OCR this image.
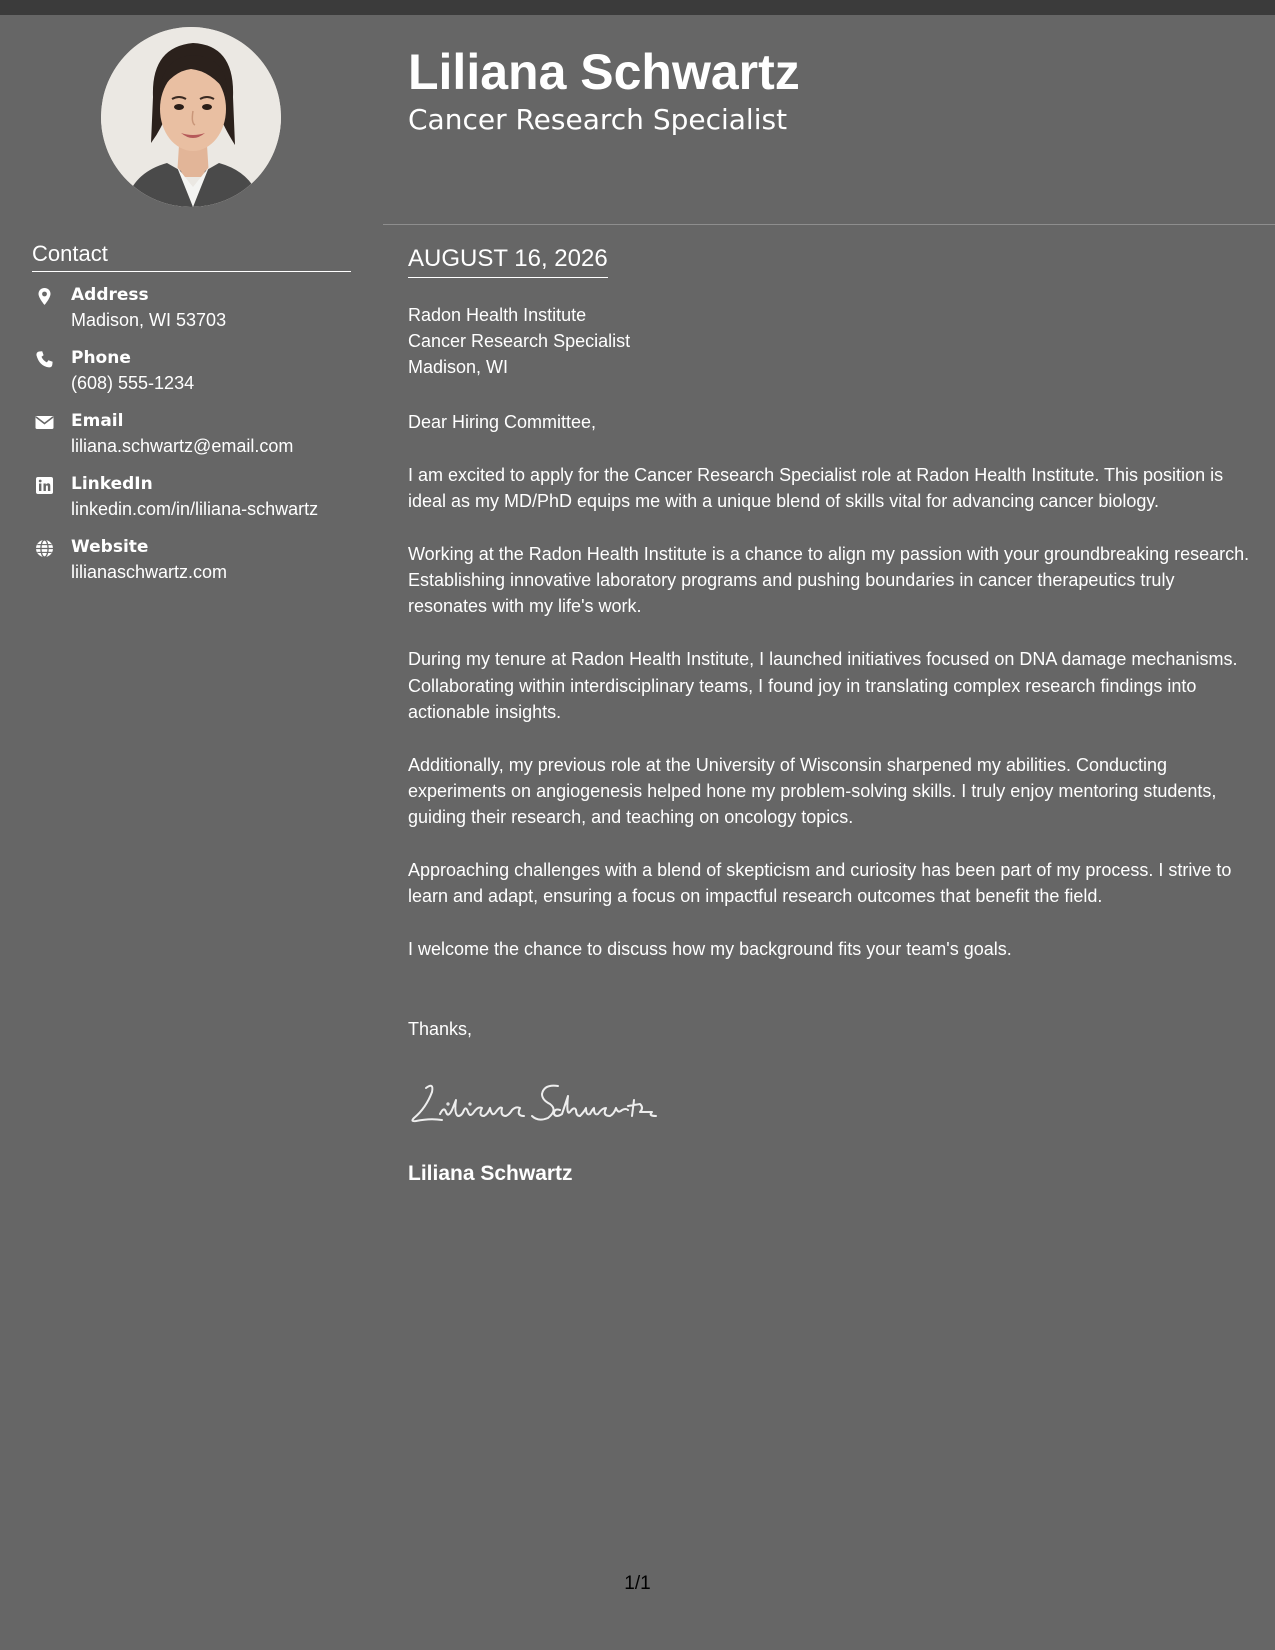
Liliana Schwartz
Cancer Research Specialist
Contact
Address
Madison, WI 53703
Phone
(608) 555-1234
Email
liliana.schwartz@email.com
LinkedIn
linkedin.com/in/liliana-schwartz
Website
lilianaschwartz.com
AUGUST 16, 2026
Radon Health Institute
Cancer Research Specialist
Madison, WI

Dear Hiring Committee,

I am excited to apply for the Cancer Research Specialist role at Radon Health Institute. This position is ideal as my MD/PhD equips me with a unique blend of skills vital for advancing cancer biology.

Working at the Radon Health Institute is a chance to align my passion with your groundbreaking research. Establishing innovative laboratory programs and pushing boundaries in cancer therapeutics truly resonates with my life's work.

During my tenure at Radon Health Institute, I launched initiatives focused on DNA damage mechanisms. Collaborating within interdisciplinary teams, I found joy in translating complex research findings into actionable insights.

Additionally, my previous role at the University of Wisconsin sharpened my abilities. Conducting experiments on angiogenesis helped hone my problem-solving skills. I truly enjoy mentoring students, guiding their research, and teaching on oncology topics.

Approaching challenges with a blend of skepticism and curiosity has been part of my process. I strive to learn and adapt, ensuring a focus on impactful research outcomes that benefit the field.

I welcome the chance to discuss how my background fits your team's goals.

Thanks,
Liliana Schwartz
1/1
